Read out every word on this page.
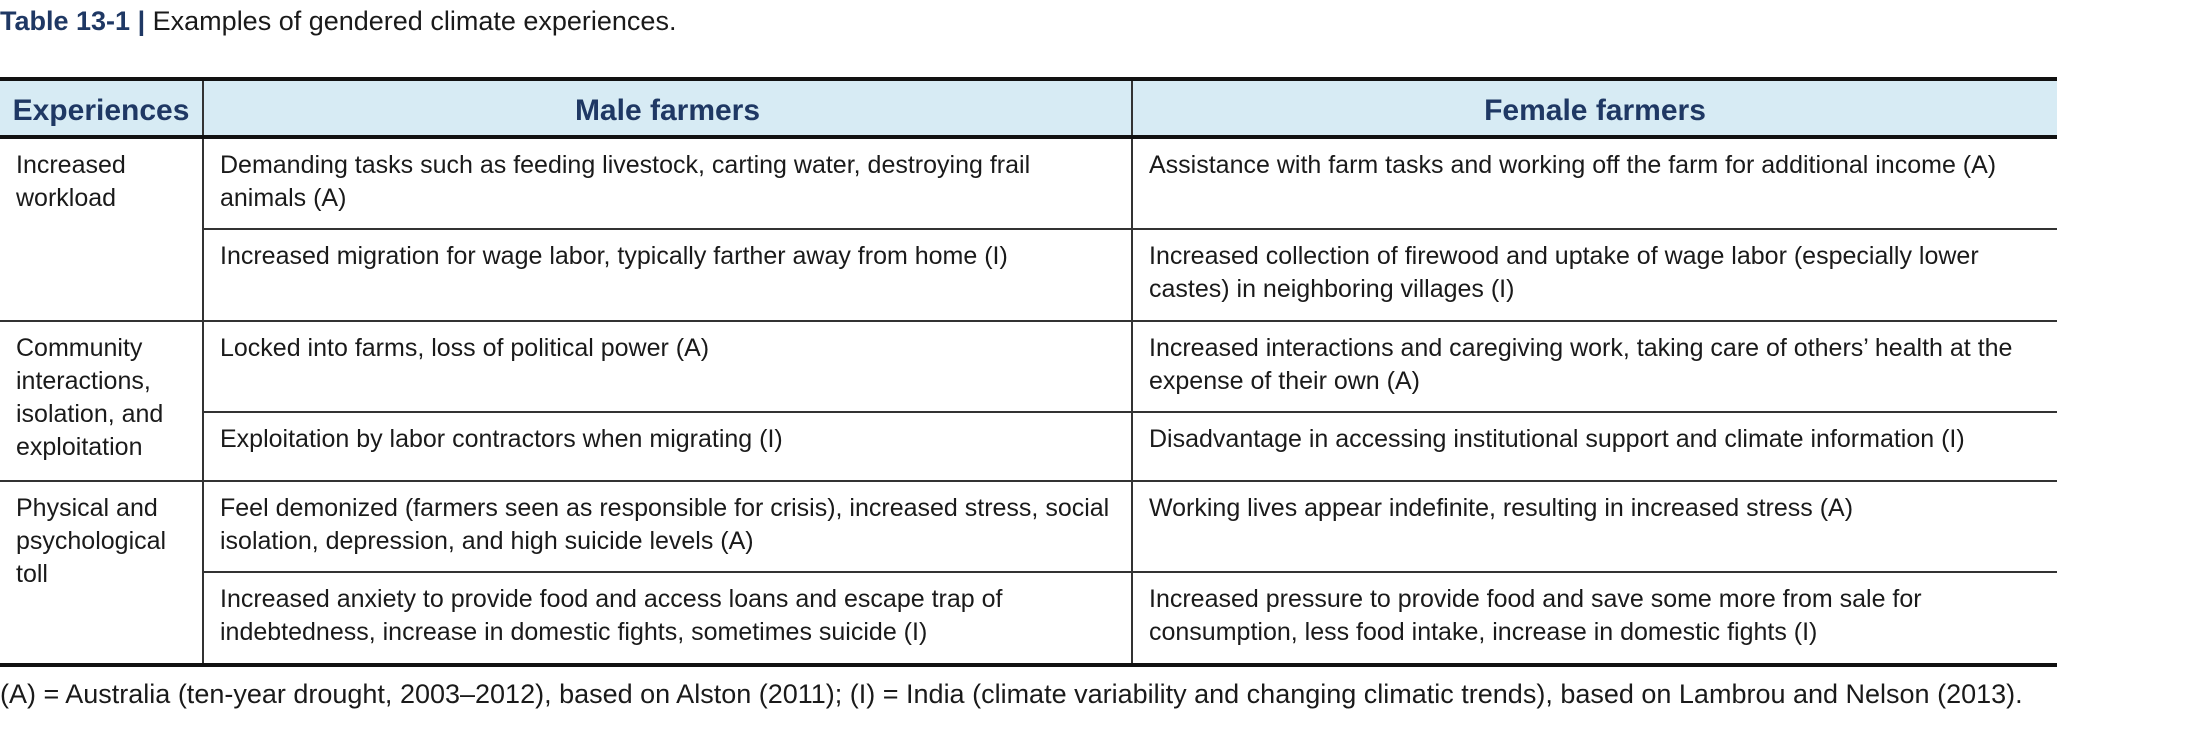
Table 13-1 | Examples of gendered climate experiences.
Experiences	Male farmers	Female farmers
Increased workload	Demanding tasks such as feeding livestock, carting water, destroying frail animals (A)	Assistance with farm tasks and working off the farm for additional income (A)
	Increased migration for wage labor, typically farther away from home (I)	Increased collection of firewood and uptake of wage labor (especially lower castes) in neighboring villages (I)
Community interactions, isolation, and exploitation	Locked into farms, loss of political power (A)	Increased interactions and caregiving work, taking care of others’ health at the expense of their own (A)
	Exploitation by labor contractors when migrating (I)	Disadvantage in accessing institutional support and climate information (I)
Physical and psychological toll	Feel demonized (farmers seen as responsible for crisis), increased stress, social isolation, depression, and high suicide levels (A)	Working lives appear indefinite, resulting in increased stress (A)
	Increased anxiety to provide food and access loans and escape trap of indebtedness, increase in domestic fights, sometimes suicide (I)	Increased pressure to provide food and save some more from sale for consumption, less food intake, increase in domestic fights (I)
(A) = Australia (ten-year drought, 2003–2012), based on Alston (2011); (I) = India (climate variability and changing climatic trends), based on Lambrou and Nelson (2013).
